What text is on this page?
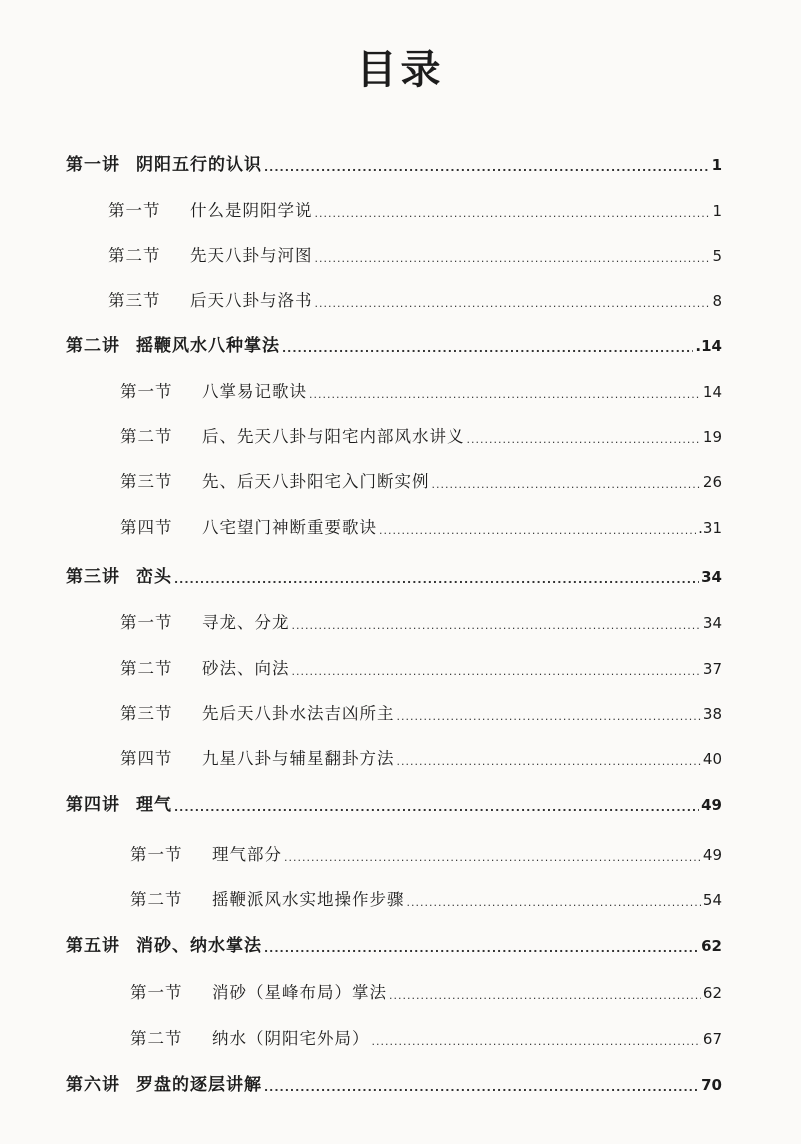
目录
第一讲 阴阳五行的认识 .....	1
第一节	什么是阴阳学说 .....	1
第二节	先天八卦与河图 .....	5
第三节	后天八卦与洛书 .....	8
第二讲 摇鞭风水八种掌法 .....	.14
第一节	八掌易记歌诀 .....	14
第二节	后、先天八卦与阳宅内部风水讲义 .....	19
第三节	先、后天八卦阳宅入门断实例 .....	26
第四节	八宅望门神断重要歌诀 .....	.31
第三讲 峦头 .....	34
第一节	寻龙、分龙 .....	34
第二节	砂法、向法 .....	37
第三节	先后天八卦水法吉凶所主 .....	38
第四节	九星八卦与辅星翻卦方法 .....	40
第四讲 理气 .....	49
第一节	理气部分 .....	49
第二节	摇鞭派风水实地操作步骤 .....	54
第五讲 消砂、纳水掌法 .....	62
第一节	消砂（星峰布局）掌法 .....	62
第二节	纳水（阴阳宅外局） .....	67
第六讲 罗盘的逐层讲解 .....	70
